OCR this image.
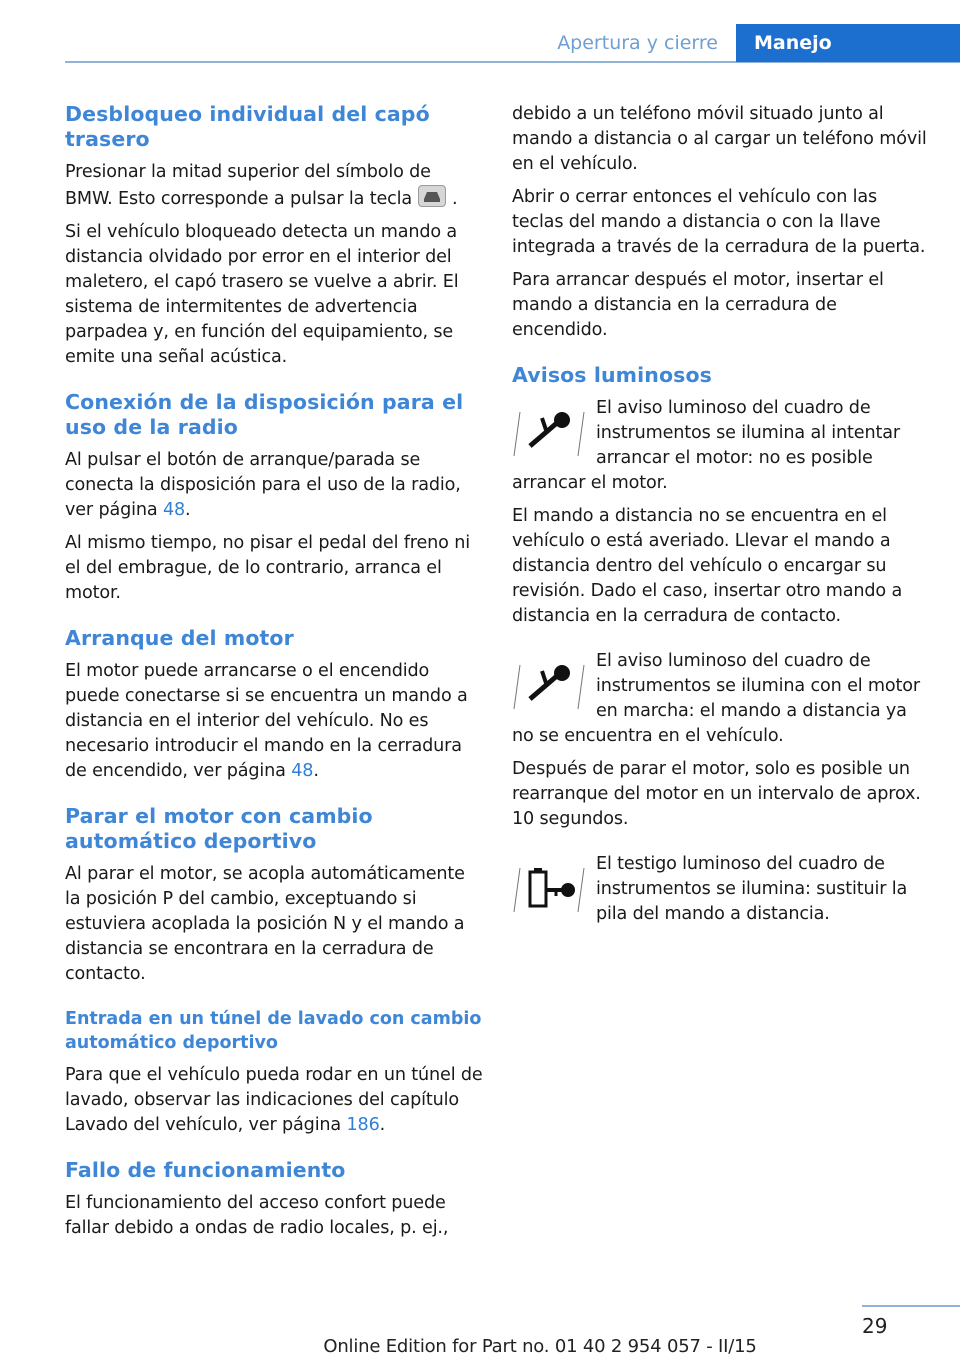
Apertura y cierre	Manejo
Desbloqueo individual del capó trasero

Presionar la mitad superior del símbolo de BMW. Esto corresponde a pulsar la tecla .

Si el vehículo bloqueado detecta un mando a distancia olvidado por error en el interior del maletero, el capó trasero se vuelve a abrir. El sistema de intermitentes de advertencia parpadea y, en función del equipamiento, se emite una señal acústica.

Conexión de la disposición para el uso de la radio

Al pulsar el botón de arranque/parada se conecta la disposición para el uso de la radio, ver página 48.

Al mismo tiempo, no pisar el pedal del freno ni el del embrague, de lo contrario, arranca el motor.

Arranque del motor

El motor puede arrancarse o el encendido puede conectarse si se encuentra un mando a distancia en el interior del vehículo. No es necesario introducir el mando en la cerradura de encendido, ver página 48.

Parar el motor con cambio automático deportivo

Al parar el motor, se acopla automáticamente la posición P del cambio, exceptuando si estuviera acoplada la posición N y el mando a distancia se encontrara en la cerradura de contacto.

Entrada en un túnel de lavado con cambio automático deportivo

Para que el vehículo pueda rodar en un túnel de lavado, observar las indicaciones del capítulo Lavado del vehículo, ver página 186.

Fallo de funcionamiento

El funcionamiento del acceso confort puede fallar debido a ondas de radio locales, p. ej.,

debido a un teléfono móvil situado junto al mando a distancia o al cargar un teléfono móvil en el vehículo.

Abrir o cerrar entonces el vehículo con las teclas del mando a distancia o con la llave integrada a través de la cerradura de la puerta.

Para arrancar después el motor, insertar el mando a distancia en la cerradura de encendido.

Avisos luminosos

El aviso luminoso del cuadro de instrumentos se ilumina al intentar arrancar el motor: no es posible arrancar el motor.

El mando a distancia no se encuentra en el vehículo o está averiado. Llevar el mando a distancia dentro del vehículo o encargar su revisión. Dado el caso, insertar otro mando a distancia en la cerradura de contacto.

El aviso luminoso del cuadro de instrumentos se ilumina con el motor en marcha: el mando a distancia ya no se encuentra en el vehículo.

Después de parar el motor, solo es posible un rearranque del motor en un intervalo de aprox. 10 segundos.

El testigo luminoso del cuadro de instrumentos se ilumina: sustituir la pila del mando a distancia.

29
Online Edition for Part no. 01 40 2 954 057 - II/15
